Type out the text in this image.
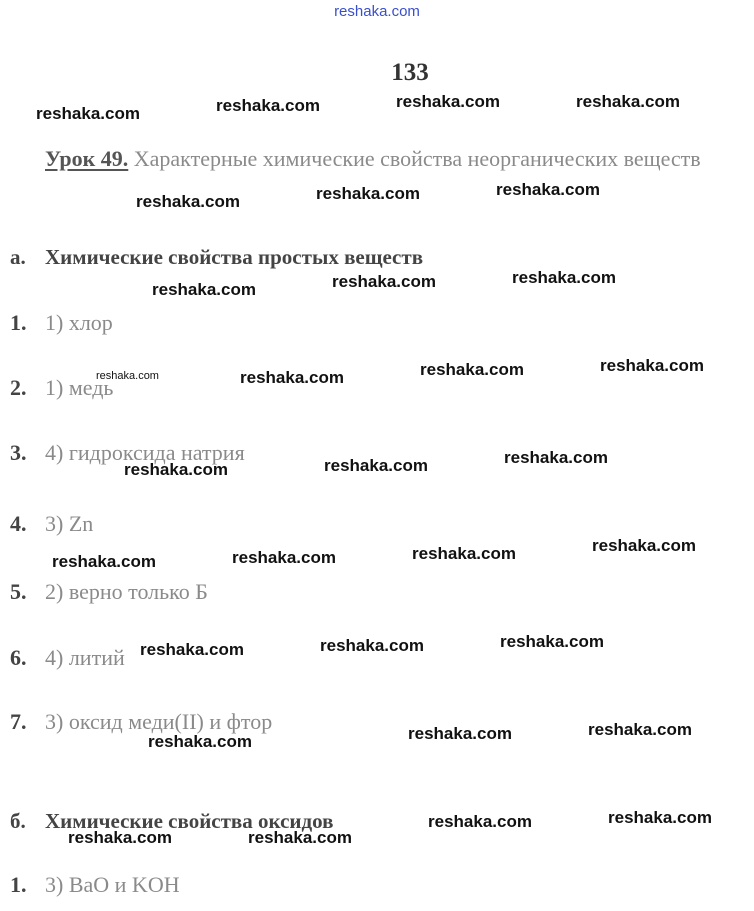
reshaka.com
133
Урок 49. Характерные химические свойства неорганических веществ
а. Химические свойства простых веществ
1. 1) хлор
2. 1) медь
3. 4) гидроксида натрия
4. 3) Zn
5. 2) верно только Б
6. 4) литий
7. 3) оксид меди(II) и фтор
б. Химические свойства оксидов
1. 3) BaO и KOH
reshaka.com	reshaka.com	reshaka.com	reshaka.com
reshaka.com	reshaka.com	reshaka.com
reshaka.com	reshaka.com	reshaka.com
reshaka.com	reshaka.com	reshaka.com	reshaka.com
reshaka.com	reshaka.com	reshaka.com
reshaka.com	reshaka.com	reshaka.com	reshaka.com
reshaka.com	reshaka.com	reshaka.com
reshaka.com	reshaka.com	reshaka.com
reshaka.com	reshaka.com
reshaka.com	reshaka.com
